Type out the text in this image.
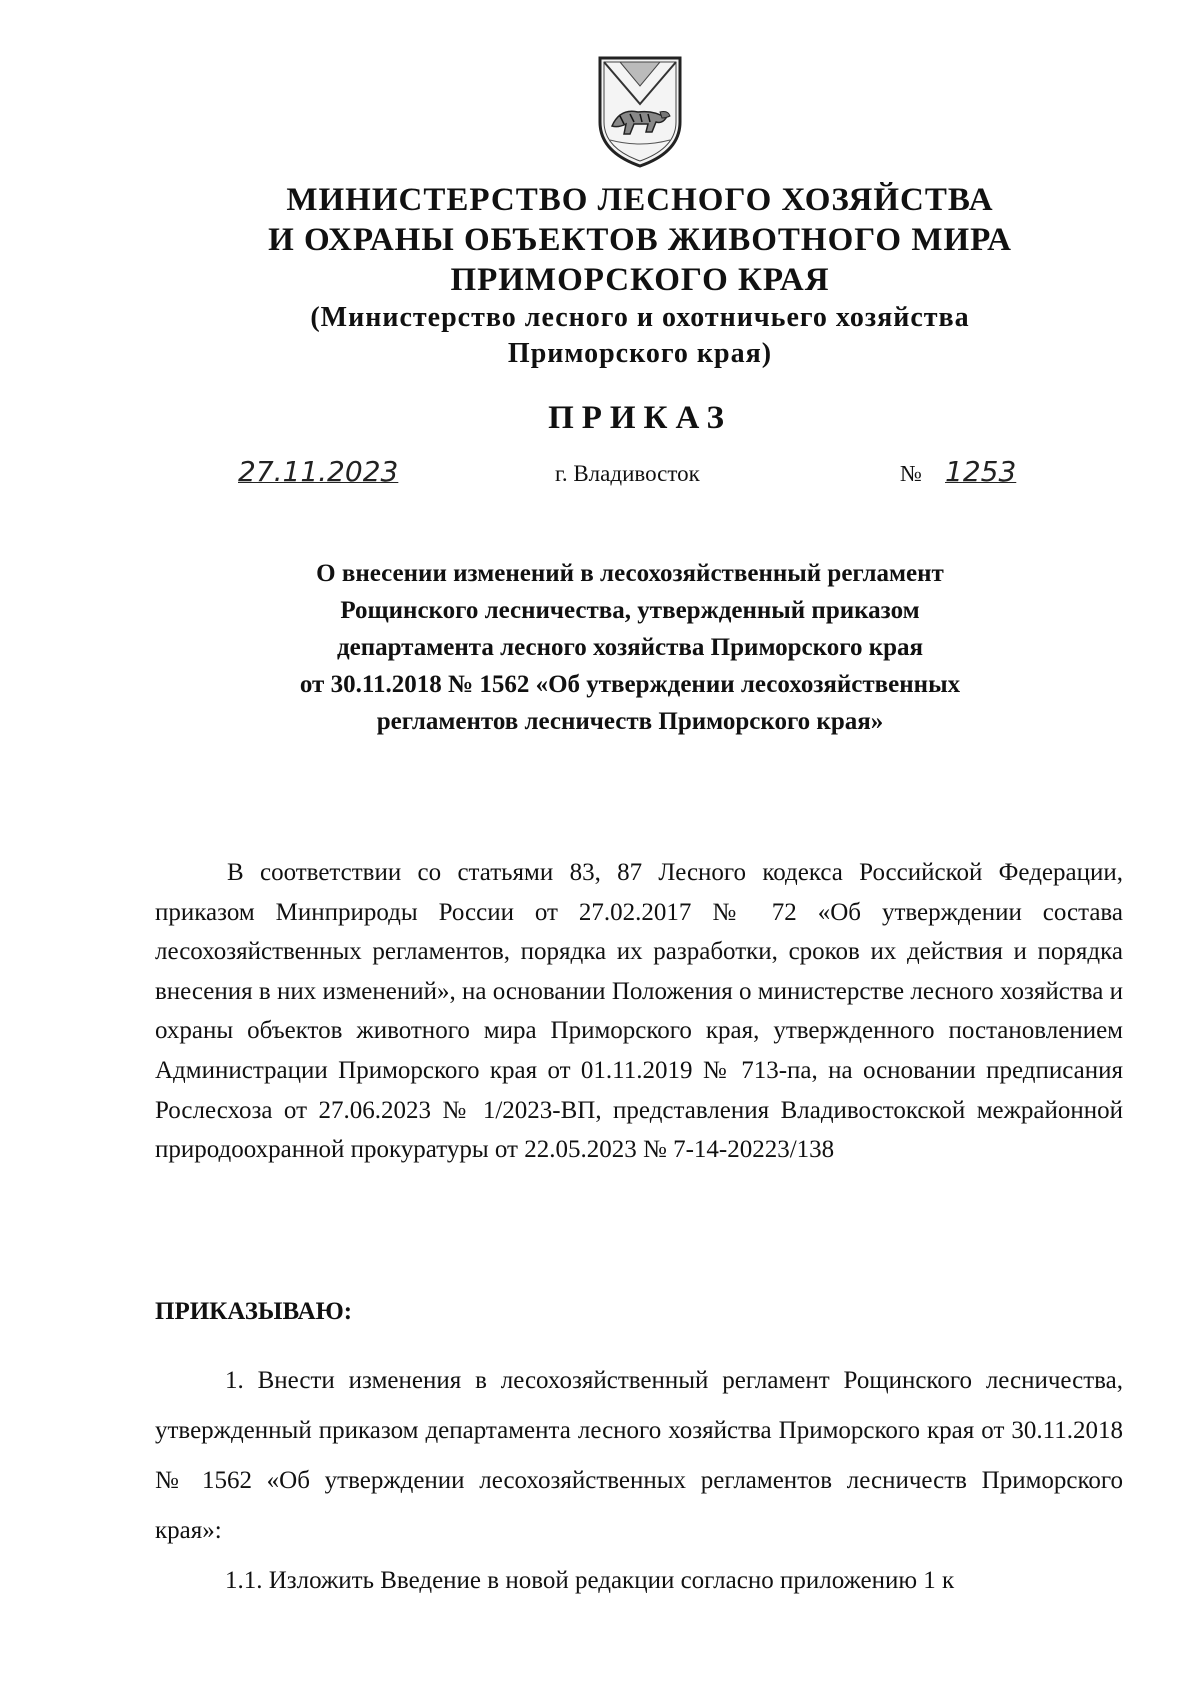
МИНИСТЕРСТВО ЛЕСНОГО ХОЗЯЙСТВА
И ОХРАНЫ ОБЪЕКТОВ ЖИВОТНОГО МИРА
ПРИМОРСКОГО КРАЯ
(Министерство лесного и охотничьего хозяйства
Приморского края)
ПРИКАЗ
27.11.2023	г. Владивосток	№ 1253
О внесении изменений в лесохозяйственный регламент
Рощинского лесничества, утвержденный приказом
департамента лесного хозяйства Приморского края
от 30.11.2018 № 1562 «Об утверждении лесохозяйственных
регламентов лесничеств Приморского края»

В соответствии со статьями 83, 87 Лесного кодекса Российской Федерации, приказом Минприроды России от 27.02.2017 № 72 «Об утверждении состава лесохозяйственных регламентов, порядка их разработки, сроков их действия и порядка внесения в них изменений», на основании Положения о министерстве лесного хозяйства и охраны объектов животного мира Приморского края, утвержденного постановлением Администрации Приморского края от 01.11.2019 № 713-па, на основании предписания Рослесхоза от 27.06.2023 № 1/2023-ВП, представления Владивостокской межрайонной природоохранной прокуратуры от 22.05.2023 № 7-14-20223/138

ПРИКАЗЫВАЮ:

1. Внести изменения в лесохозяйственный регламент Рощинского лесничества, утвержденный приказом департамента лесного хозяйства Приморского края от 30.11.2018 № 1562 «Об утверждении лесохозяйственных регламентов лесничеств Приморского края»:

1.1. Изложить Введение в новой редакции согласно приложению 1 к
